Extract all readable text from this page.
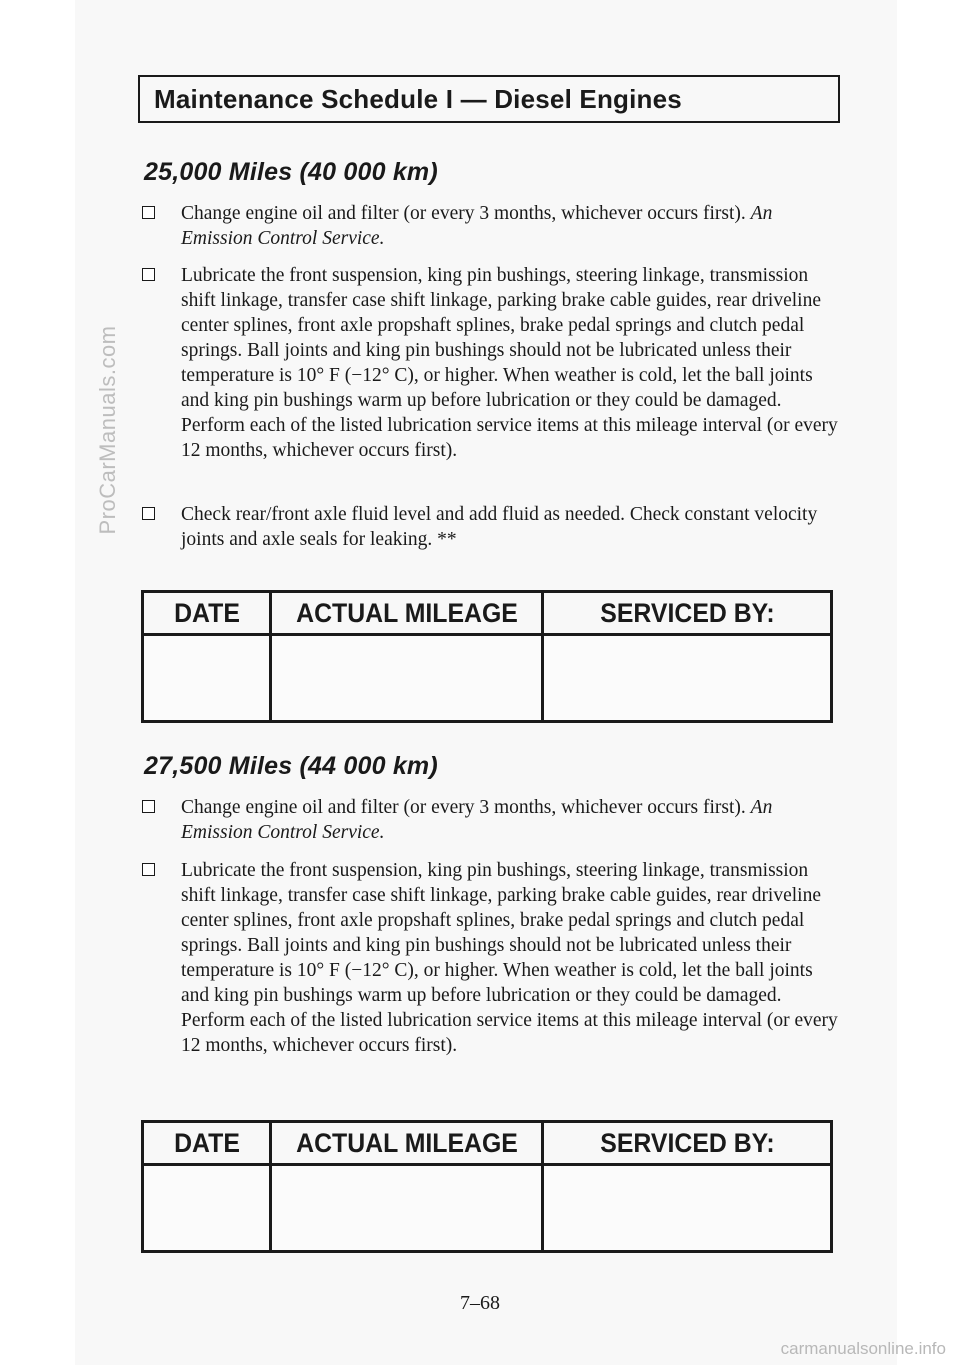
ProCarManuals.com
carmanualsonline.info
Maintenance Schedule I — Diesel Engines
25,000 Miles (40 000 km)
Change engine oil and filter (or every 3 months, whichever occurs first). An Emission Control Service.
Lubricate the front suspension, king pin bushings, steering linkage, transmission shift linkage, transfer case shift linkage, parking brake cable guides, rear driveline center splines, front axle propshaft splines, brake pedal springs and clutch pedal springs. Ball joints and king pin bushings should not be lubricated unless their temperature is 10° F (−12° C), or higher. When weather is cold, let the ball joints and king pin bushings warm up before lubrication or they could be damaged. Perform each of the listed lubrication service items at this mileage interval (or every 12 months, whichever occurs first).
Check rear/front axle fluid level and add fluid as needed. Check constant velocity joints and axle seals for leaking. **
DATE	ACTUAL MILEAGE	SERVICED BY:

27,500 Miles (44 000 km)
Change engine oil and filter (or every 3 months, whichever occurs first). An Emission Control Service.
Lubricate the front suspension, king pin bushings, steering linkage, transmission shift linkage, transfer case shift linkage, parking brake cable guides, rear driveline center splines, front axle propshaft splines, brake pedal springs and clutch pedal springs. Ball joints and king pin bushings should not be lubricated unless their temperature is 10° F (−12° C), or higher. When weather is cold, let the ball joints and king pin bushings warm up before lubrication or they could be damaged. Perform each of the listed lubrication service items at this mileage interval (or every 12 months, whichever occurs first).
DATE	ACTUAL MILEAGE	SERVICED BY:

7–68
